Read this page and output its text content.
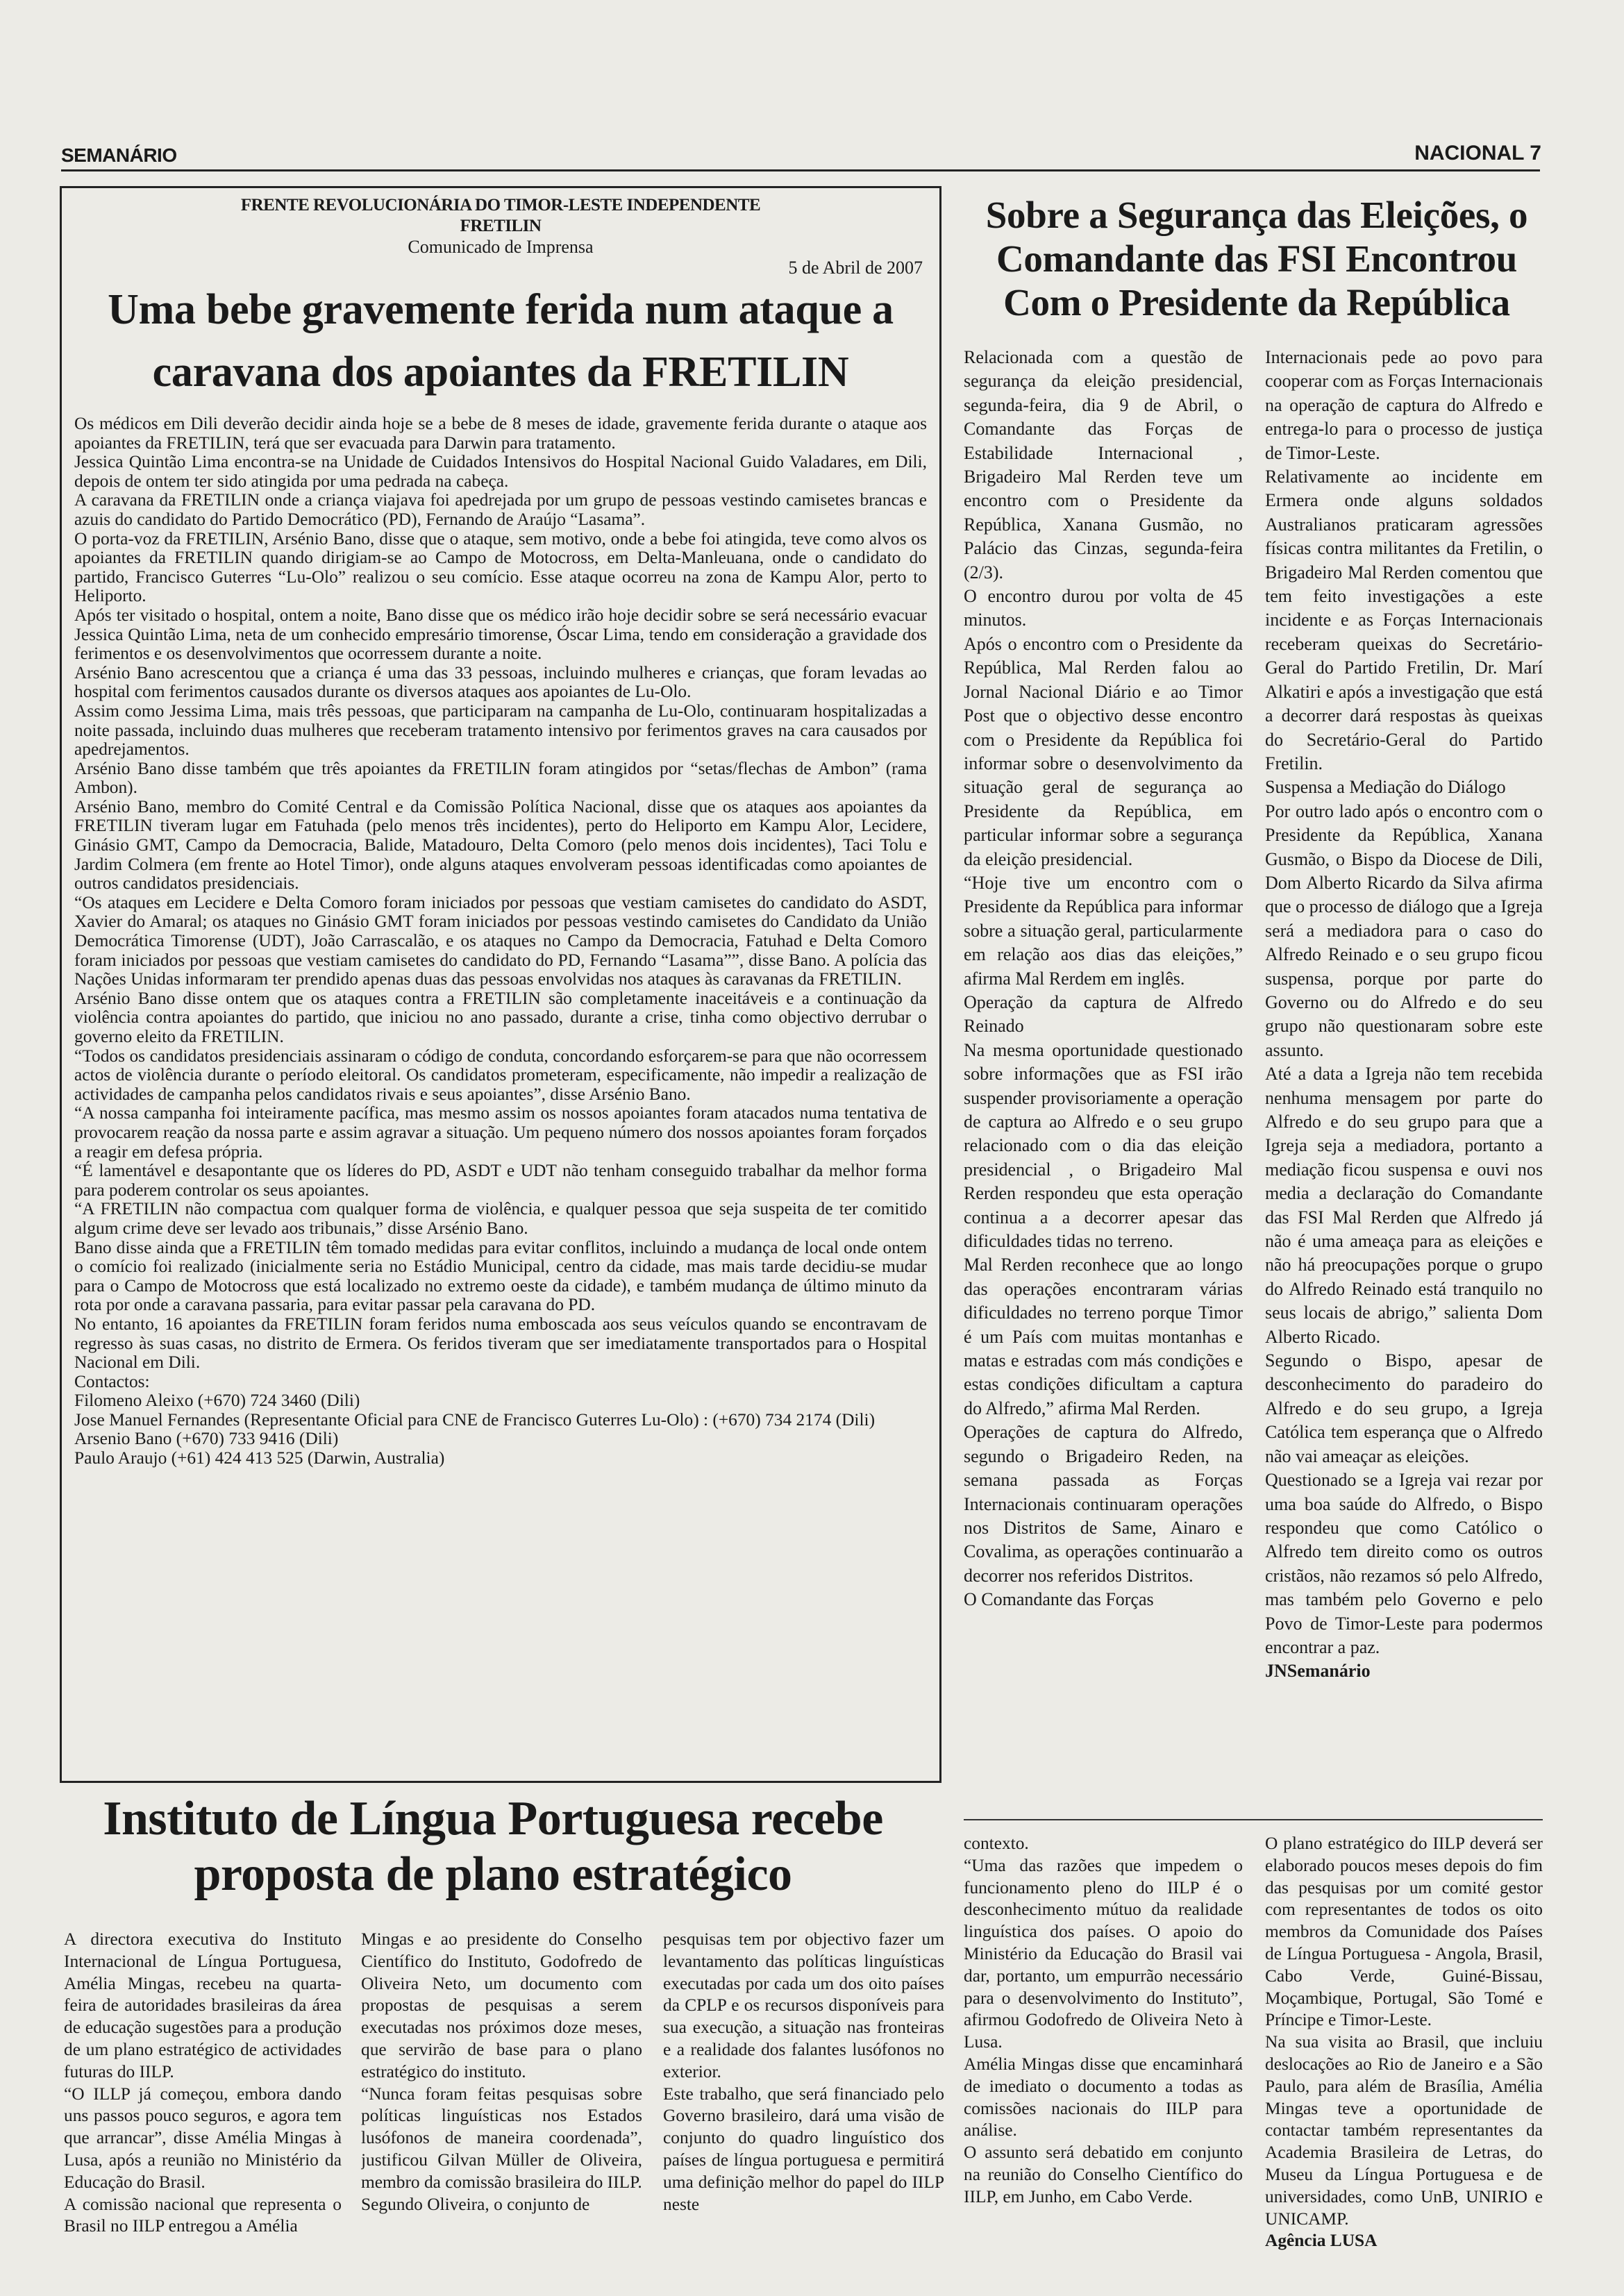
SEMANÁRIO	NACIONAL 7
FRENTE REVOLUCIONÁRIA DO TIMOR-LESTE INDEPENDENTE
FRETILIN
Comunicado de Imprensa
5 de Abril de 2007
Uma bebe gravemente ferida num ataque a caravana dos apoiantes da FRETILIN

Os médicos em Dili deverão decidir ainda hoje se a bebe de 8 meses de idade, gravemente ferida durante o ataque aos apoiantes da FRETILIN, terá que ser evacuada para Darwin para tratamento.

Jessica Quintão Lima encontra-se na Unidade de Cuidados Intensivos do Hospital Nacional Guido Valadares, em Dili, depois de ontem ter sido atingida por uma pedrada na cabeça.

A caravana da FRETILIN onde a criança viajava foi apedrejada por um grupo de pessoas vestindo camisetes brancas e azuis do candidato do Partido Democrático (PD), Fernando de Araújo “Lasama”.

O porta-voz da FRETILIN, Arsénio Bano, disse que o ataque, sem motivo, onde a bebe foi atingida, teve como alvos os apoiantes da FRETILIN quando dirigiam-se ao Campo de Motocross, em Delta-Manleuana, onde o candidato do partido, Francisco Guterres “Lu-Olo” realizou o seu comício. Esse ataque ocorreu na zona de Kampu Alor, perto to Heliporto.

Após ter visitado o hospital, ontem a noite, Bano disse que os médico irão hoje decidir sobre se será necessário evacuar Jessica Quintão Lima, neta de um conhecido empresário timorense, Óscar Lima, tendo em consideração a gravidade dos ferimentos e os desenvolvimentos que ocorressem durante a noite.

Arsénio Bano acrescentou que a criança é uma das 33 pessoas, incluindo mulheres e crianças, que foram levadas ao hospital com ferimentos causados durante os diversos ataques aos apoiantes de Lu-Olo.

Assim como Jessima Lima, mais três pessoas, que participaram na campanha de Lu-Olo, continuaram hospitalizadas a noite passada, incluindo duas mulheres que receberam tratamento intensivo por ferimentos graves na cara causados por apedrejamentos.

Arsénio Bano disse também que três apoiantes da FRETILIN foram atingidos por “setas/flechas de Ambon” (rama Ambon).

Arsénio Bano, membro do Comité Central e da Comissão Política Nacional, disse que os ataques aos apoiantes da FRETILIN tiveram lugar em Fatuhada (pelo menos três incidentes), perto do Heliporto em Kampu Alor, Lecidere, Ginásio GMT, Campo da Democracia, Balide, Matadouro, Delta Comoro (pelo menos dois incidentes), Taci Tolu e Jardim Colmera (em frente ao Hotel Timor), onde alguns ataques envolveram pessoas identificadas como apoiantes de outros candidatos presidenciais.

“Os ataques em Lecidere e Delta Comoro foram iniciados por pessoas que vestiam camisetes do candidato do ASDT, Xavier do Amaral; os ataques no Ginásio GMT foram iniciados por pessoas vestindo camisetes do Candidato da União Democrática Timorense (UDT), João Carrascalão, e os ataques no Campo da Democracia, Fatuhad e Delta Comoro foram iniciados por pessoas que vestiam camisetes do candidato do PD, Fernando “Lasama””, disse Bano. A polícia das Nações Unidas informaram ter prendido apenas duas das pessoas envolvidas nos ataques às caravanas da FRETILIN.

Arsénio Bano disse ontem que os ataques contra a FRETILIN são completamente inaceitáveis e a continuação da violência contra apoiantes do partido, que iniciou no ano passado, durante a crise, tinha como objectivo derrubar o governo eleito da FRETILIN.

“Todos os candidatos presidenciais assinaram o código de conduta, concordando esforçarem-se para que não ocorressem actos de violência durante o período eleitoral. Os candidatos prometeram, especificamente, não impedir a realização de actividades de campanha pelos candidatos rivais e seus apoiantes”, disse Arsénio Bano.

“A nossa campanha foi inteiramente pacífica, mas mesmo assim os nossos apoiantes foram atacados numa tentativa de provocarem reação da nossa parte e assim agravar a situação. Um pequeno número dos nossos apoiantes foram forçados a reagir em defesa própria.

“É lamentável e desapontante que os líderes do PD, ASDT e UDT não tenham conseguido trabalhar da melhor forma para poderem controlar os seus apoiantes.

“A FRETILIN não compactua com qualquer forma de violência, e qualquer pessoa que seja suspeita de ter comitido algum crime deve ser levado aos tribunais,” disse Arsénio Bano.

Bano disse ainda que a FRETILIN têm tomado medidas para evitar conflitos, incluindo a mudança de local onde ontem o comício foi realizado (inicialmente seria no Estádio Municipal, centro da cidade, mas mais tarde decidiu-se mudar para o Campo de Motocross que está localizado no extremo oeste da cidade), e também mudança de último minuto da rota por onde a caravana passaria, para evitar passar pela caravana do PD.

No entanto, 16 apoiantes da FRETILIN foram feridos numa emboscada aos seus veículos quando se encontravam de regresso às suas casas, no distrito de Ermera. Os feridos tiveram que ser imediatamente transportados para o Hospital Nacional em Dili.

Contactos:

Filomeno Aleixo (+670) 724 3460 (Dili)

Jose Manuel Fernandes (Representante Oficial para CNE de Francisco Guterres Lu-Olo) : (+670) 734 2174 (Dili)

Arsenio Bano (+670) 733 9416 (Dili)

Paulo Araujo (+61) 424 413 525 (Darwin, Australia)

Sobre a Segurança das Eleições, o Comandante das FSI Encontrou Com o Presidente da República

Relacionada com a questão de segurança da eleição presidencial, segunda-feira, dia 9 de Abril, o Comandante das Forças de Estabilidade Internacional , Brigadeiro Mal Rerden teve um encontro com o Presidente da República, Xanana Gusmão, no Palácio das Cinzas, segunda-feira (2/3).

O encontro durou por volta de 45 minutos.

Após o encontro com o Presidente da República, Mal Rerden falou ao Jornal Nacional Diário e ao Timor Post que o objectivo desse encontro com o Presidente da República foi informar sobre o desenvolvimento da situação geral de segurança ao Presidente da República, em particular informar sobre a segurança da eleição presidencial.

“Hoje tive um encontro com o Presidente da República para informar sobre a situação geral, particularmente em relação aos dias das eleições,” afirma Mal Rerdem em inglês.

Operação da captura de Alfredo Reinado

Na mesma oportunidade questionado sobre informações que as FSI irão suspender provisoriamente a operação de captura ao Alfredo e o seu grupo relacionado com o dia das eleição presidencial , o Brigadeiro Mal Rerden respondeu que esta operação continua a a decorrer apesar das dificuldades tidas no terreno.

Mal Rerden reconhece que ao longo das operações encontraram várias dificuldades no terreno porque Timor é um País com muitas montanhas e matas e estradas com más condições e estas condições dificultam a captura do Alfredo,” afirma Mal Rerden.

Operações de captura do Alfredo, segundo o Brigadeiro Reden, na semana passada as Forças Internacionais continuaram operações nos Distritos de Same, Ainaro e Covalima, as operações continuarão a decorrer nos referidos Distritos.

O Comandante das Forças

Internacionais pede ao povo para cooperar com as Forças Internacionais na operação de captura do Alfredo e entrega-lo para o processo de justiça de Timor-Leste.

Relativamente ao incidente em Ermera onde alguns soldados Australianos praticaram agressões físicas contra militantes da Fretilin, o Brigadeiro Mal Rerden comentou que tem feito investigações a este incidente e as Forças Internacionais receberam queixas do Secretário-Geral do Partido Fretilin, Dr. Marí Alkatiri e após a investigação que está a decorrer dará respostas às queixas do Secretário-Geral do Partido Fretilin.

Suspensa a Mediação do Diálogo

Por outro lado após o encontro com o Presidente da República, Xanana Gusmão, o Bispo da Diocese de Dili, Dom Alberto Ricardo da Silva afirma que o processo de diálogo que a Igreja será a mediadora para o caso do Alfredo Reinado e o seu grupo ficou suspensa, porque por parte do Governo ou do Alfredo e do seu grupo não questionaram sobre este assunto.

Até a data a Igreja não tem recebida nenhuma mensagem por parte do Alfredo e do seu grupo para que a Igreja seja a mediadora, portanto a mediação ficou suspensa e ouvi nos media a declaração do Comandante das FSI Mal Rerden que Alfredo já não é uma ameaça para as eleições e não há preocupações porque o grupo do Alfredo Reinado está tranquilo no seus locais de abrigo,” salienta Dom Alberto Ricado.

Segundo o Bispo, apesar de desconhecimento do paradeiro do Alfredo e do seu grupo, a Igreja Católica tem esperança que o Alfredo não vai ameaçar as eleições.

Questionado se a Igreja vai rezar por uma boa saúde do Alfredo, o Bispo respondeu que como Católico o Alfredo tem direito como os outros cristãos, não rezamos só pelo Alfredo, mas também pelo Governo e pelo Povo de Timor-Leste para podermos encontrar a paz.

JNSemanário

Instituto de Língua Portuguesa recebe proposta de plano estratégico

A directora executiva do Instituto Internacional de Língua Portuguesa, Amélia Mingas, recebeu na quarta-feira de autoridades brasileiras da área de educação sugestões para a produção de um plano estratégico de actividades futuras do IILP.

“O ILLP já começou, embora dando uns passos pouco seguros, e agora tem que arrancar”, disse Amélia Mingas à Lusa, após a reunião no Ministério da Educação do Brasil.

A comissão nacional que representa o Brasil no IILP entregou a Amélia

Mingas e ao presidente do Conselho Científico do Instituto, Godofredo de Oliveira Neto, um documento com propostas de pesquisas a serem executadas nos próximos doze meses, que servirão de base para o plano estratégico do instituto.

“Nunca foram feitas pesquisas sobre políticas linguísticas nos Estados lusófonos de maneira coordenada”, justificou Gilvan Müller de Oliveira, membro da comissão brasileira do IILP.

Segundo Oliveira, o conjunto de

pesquisas tem por objectivo fazer um levantamento das políticas linguísticas executadas por cada um dos oito países da CPLP e os recursos disponíveis para sua execução, a situação nas fronteiras e a realidade dos falantes lusófonos no exterior.

Este trabalho, que será financiado pelo Governo brasileiro, dará uma visão de conjunto do quadro linguístico dos países de língua portuguesa e permitirá uma definição melhor do papel do IILP neste

contexto.

“Uma das razões que impedem o funcionamento pleno do IILP é o desconhecimento mútuo da realidade linguística dos países. O apoio do Ministério da Educação do Brasil vai dar, portanto, um empurrão necessário para o desenvolvimento do Instituto”, afirmou Godofredo de Oliveira Neto à Lusa.

Amélia Mingas disse que encaminhará de imediato o documento a todas as comissões nacionais do IILP para análise.

O assunto será debatido em conjunto na reunião do Conselho Científico do IILP, em Junho, em Cabo Verde.

O plano estratégico do IILP deverá ser elaborado poucos meses depois do fim das pesquisas por um comité gestor com representantes de todos os oito membros da Comunidade dos Países de Língua Portuguesa - Angola, Brasil, Cabo Verde, Guiné-Bissau, Moçambique, Portugal, São Tomé e Príncipe e Timor-Leste.

Na sua visita ao Brasil, que incluiu deslocações ao Rio de Janeiro e a São Paulo, para além de Brasília, Amélia Mingas teve a oportunidade de contactar também representantes da Academia Brasileira de Letras, do Museu da Língua Portuguesa e de universidades, como UnB, UNIRIO e UNICAMP.

Agência LUSA
